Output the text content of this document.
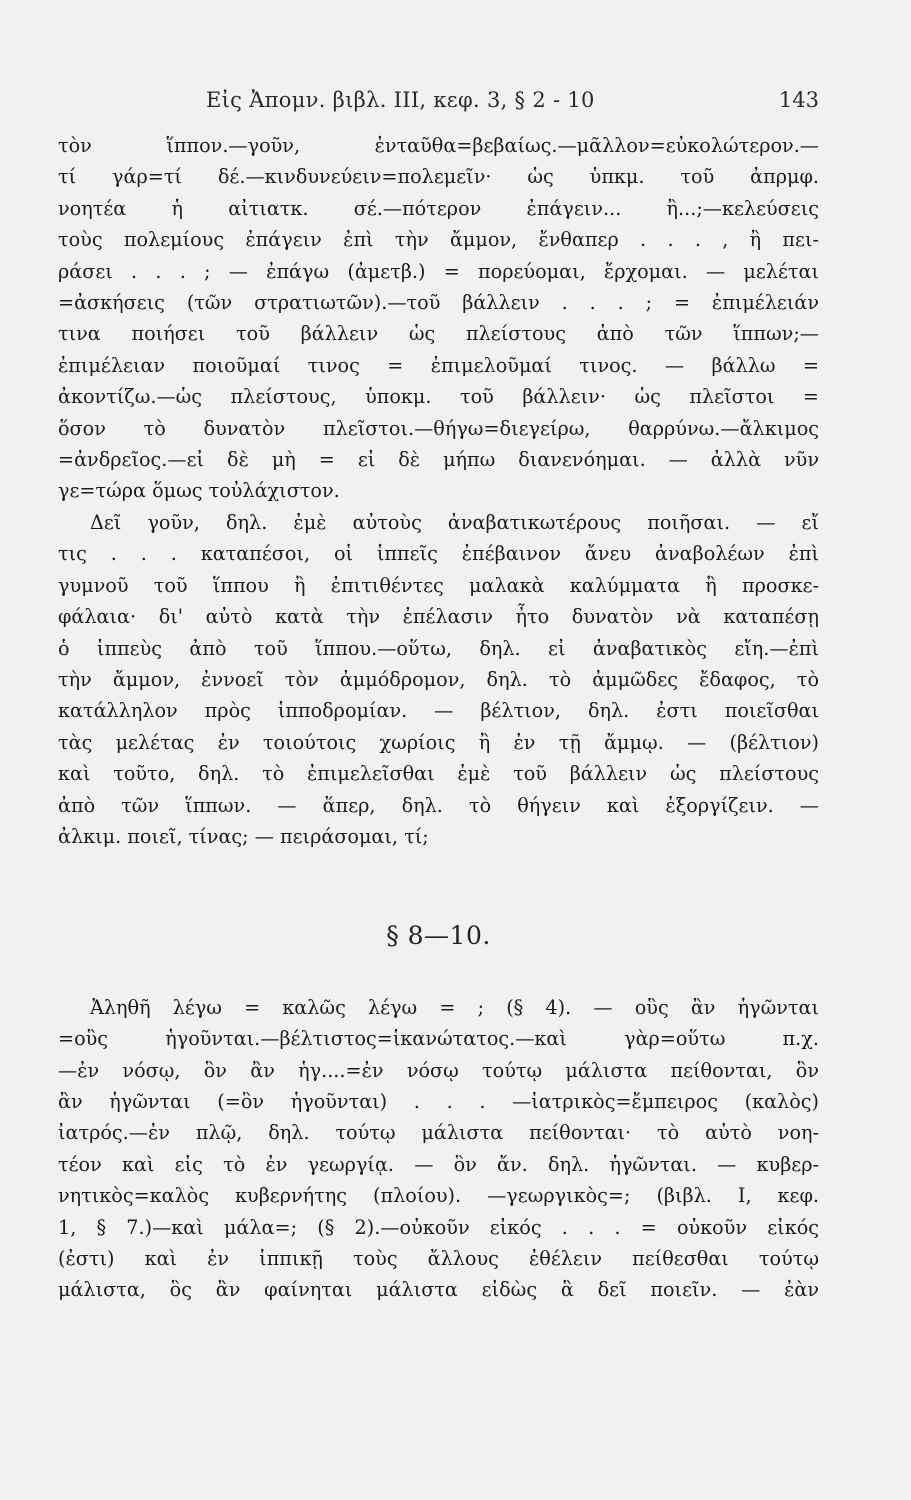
Εἰς Ἀπομν. βιβλ. III, κεφ. 3, § 2 - 10	143
τὸν ἵππον.—γοῦν, ἐνταῦθα=βεβαίως.—μᾶλλον=εὐκολώτερον.—
τί γάρ=τί δέ.—κινδυνεύειν=πολεμεῖν· ὡς ὑπκμ. τοῦ ἀπρμφ.
νοητέα ἡ αἰτιατκ. σέ.—πότερον ἐπάγειν... ἢ...;—κελεύσεις
τοὺς πολεμίους ἐπάγειν ἐπὶ τὴν ἄμμον, ἔνθαπερ . . . , ἢ πει-
ράσει . . . ; — ἐπάγω (ἀμετβ.) = πορεύομαι, ἔρχομαι. — μελέται
=ἀσκήσεις (τῶν στρατιωτῶν).—τοῦ βάλλειν . . . ; = ἐπιμέλειάν
τινα ποιήσει τοῦ βάλλειν ὡς πλείστους ἀπὸ τῶν ἵππων;—
ἐπιμέλειαν ποιοῦμαί τινος = ἐπιμελοῦμαί τινος. — βάλλω =
ἀκοντίζω.—ὡς πλείστους, ὑποκμ. τοῦ βάλλειν· ὡς πλεῖστοι =
ὅσον τὸ δυνατὸν πλεῖστοι.—θήγω=διεγείρω, θαρρύνω.—ἄλκιμος
=ἀνδρεῖος.—εἰ δὲ μὴ = εἰ δὲ μήπω διανενόημαι. — ἀλλὰ νῦν
γε=τώρα ὅμως τοὐλάχιστον.
Δεῖ γοῦν, δηλ. ἐμὲ αὐτοὺς ἀναβατικωτέρους ποιῆσαι. — εἴ
τις . . . καταπέσοι, οἱ ἱππεῖς ἐπέβαινον ἄνευ ἀναβολέων ἐπὶ
γυμνοῦ τοῦ ἵππου ἢ ἐπιτιθέντες μαλακὰ καλύμματα ἢ προσκε-
φάλαια· δι' αὐτὸ κατὰ τὴν ἐπέλασιν ἦτο δυνατὸν νὰ καταπέσῃ
ὁ ἱππεὺς ἀπὸ τοῦ ἵππου.—οὕτω, δηλ. εἰ ἀναβατικὸς εἴη.—ἐπὶ
τὴν ἄμμον, ἐννοεῖ τὸν ἀμμόδρομον, δηλ. τὸ ἀμμῶδες ἔδαφος, τὸ
κατάλληλον πρὸς ἱπποδρομίαν. — βέλτιον, δηλ. ἐστι ποιεῖσθαι
τὰς μελέτας ἐν τοιούτοις χωρίοις ἢ ἐν τῇ ἄμμῳ. — (βέλτιον)
καὶ τοῦτο, δηλ. τὸ ἐπιμελεῖσθαι ἐμὲ τοῦ βάλλειν ὡς πλείστους
ἀπὸ τῶν ἵππων. — ἅπερ, δηλ. τὸ θήγειν καὶ ἐξοργίζειν. —
ἀλκιμ. ποιεῖ, τίνας; — πειράσομαι, τί;
§ 8—10.
Ἀληθῆ λέγω = καλῶς λέγω = ; (§ 4). — οὓς ἂν ἡγῶνται
=οὓς ἡγοῦνται.—βέλτιστος=ἱκανώτατος.—καὶ γὰρ=οὕτω π.χ.
—ἐν νόσῳ, ὃν ἂν ἡγ....=ἐν νόσῳ τούτῳ μάλιστα πείθονται, ὃν
ἂν ἡγῶνται (=ὃν ἡγοῦνται) . . . —ἰατρικὸς=ἔμπειρος (καλὸς)
ἰατρός.—ἐν πλῷ, δηλ. τούτῳ μάλιστα πείθονται· τὸ αὐτὸ νοη-
τέον καὶ εἰς τὸ ἐν γεωργίᾳ. — ὃν ἄν. δηλ. ἡγῶνται. — κυβερ-
νητικὸς=καλὸς κυβερνήτης (πλοίου). —γεωργικὸς=; (βιβλ. I, κεφ.
1, § 7.)—καὶ μάλα=; (§ 2).—οὐκοῦν εἰκός . . . = οὐκοῦν εἰκός
(ἐστι) καὶ ἐν ἱππικῇ τοὺς ἄλλους ἐθέλειν πείθεσθαι τούτῳ
μάλιστα, ὃς ἂν φαίνηται μάλιστα εἰδὼς ἃ δεῖ ποιεῖν. — ἐὰν
